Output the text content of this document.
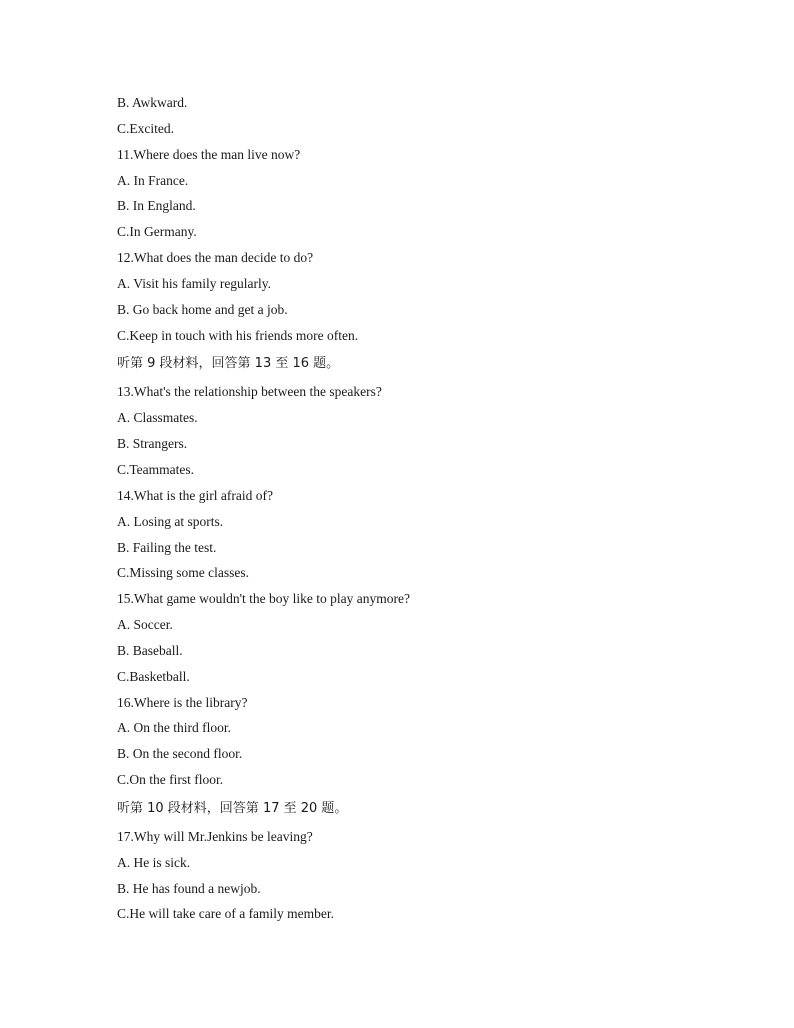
B. Awkward.
C.Excited.
11.Where does the man live now?
A. In France.
B. In England.
C.In Germany.
12.What does the man decide to do?
A. Visit his family regularly.
B. Go back home and get a job.
C.Keep in touch with his friends more often.
听第 9 段材料，回答第 13 至 16 题。
13.What's the relationship between the speakers?
A. Classmates.
B. Strangers.
C.Teammates.
14.What is the girl afraid of?
A. Losing at sports.
B. Failing the test.
C.Missing some classes.
15.What game wouldn't the boy like to play anymore?
A. Soccer.
B. Baseball.
C.Basketball.
16.Where is the library?
A. On the third floor.
B. On the second floor.
C.On the first floor.
听第 10 段材料，回答第 17 至 20 题。
17.Why will Mr.Jenkins be leaving?
A. He is sick.
B. He has found a newjob.
C.He will take care of a family member.
